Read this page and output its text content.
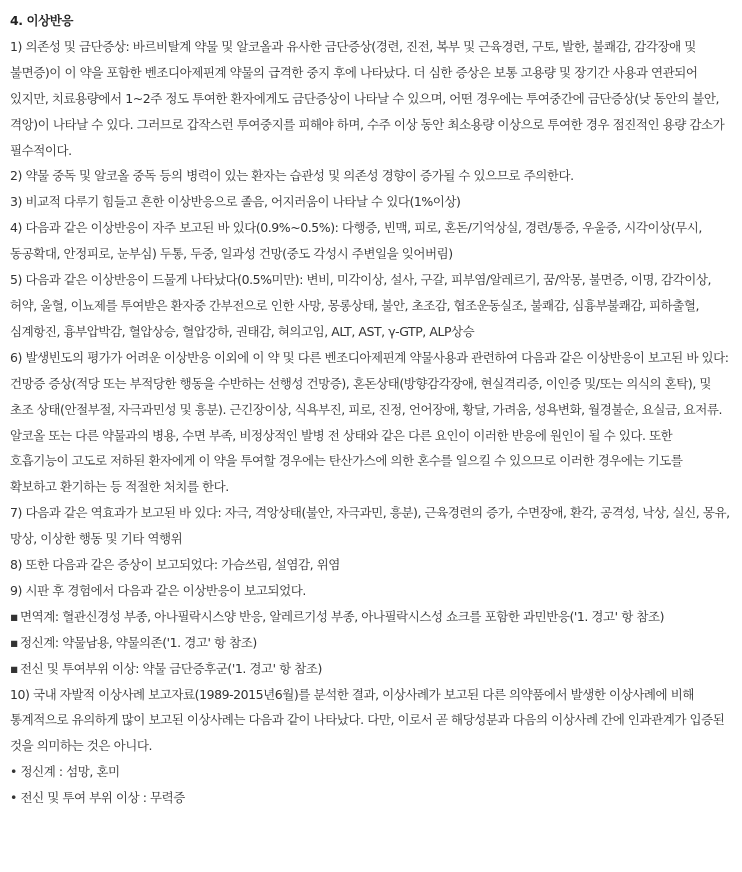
4. 이상반응
1) 의존성 및 금단증상: 바르비탈계 약물 및 알코올과 유사한 금단증상(경련, 진전, 복부 및 근육경련, 구토, 발한, 불쾌감, 감각장애 및 불면증)이 이 약을 포함한 벤조디아제핀계 약물의 급격한 중지 후에 나타났다. 더 심한 증상은 보통 고용량 및 장기간 사용과 연관되어 있지만, 치료용량에서 1~2주 정도 투여한 환자에게도 금단증상이 나타날 수 있으며, 어떤 경우에는 투여중간에 금단증상(낮 동안의 불안, 격앙)이 나타날 수 있다. 그러므로 갑작스런 투여중지를 피해야 하며, 수주 이상 동안 최소용량 이상으로 투여한 경우 점진적인 용량 감소가 필수적이다.
2) 약물 중독 및 알코올 중독 등의 병력이 있는 환자는 습관성 및 의존성 경향이 증가될 수 있으므로 주의한다.
3) 비교적 다루기 힘들고 흔한 이상반응으로 졸음, 어지러움이 나타날 수 있다(1%이상)
4) 다음과 같은 이상반응이 자주 보고된 바 있다(0.9%~0.5%): 다행증, 빈맥, 피로, 혼돈/기억상실, 경련/통증, 우울증, 시각이상(무시, 동공확대, 안정피로, 눈부심) 두통, 두중, 일과성 건망(중도 각성시 주변일을 잊어버림)
5) 다음과 같은 이상반응이 드물게 나타났다(0.5%미만): 변비, 미각이상, 설사, 구갈, 피부염/알레르기, 꿈/악몽, 불면증, 이명, 감각이상, 허약, 울혈, 이뇨제를 투여받은 환자중 간부전으로 인한 사망, 몽롱상태, 불안, 초조감, 협조운동실조, 불쾌감, 심흉부불쾌감, 피하출혈, 심계항진, 흉부압박감, 혈압상승, 혈압강하, 권태감, 혀의고임, ALT, AST, γ-GTP, ALP상승
6) 발생빈도의 평가가 어려운 이상반응 이외에 이 약 및 다른 벤조디아제핀계 약물사용과 관련하여 다음과 같은 이상반응이 보고된 바 있다: 건망증 증상(적당 또는 부적당한 행동을 수반하는 선행성 건망증), 혼돈상태(방향감각장애, 현실격리증, 이인증 및/또는 의식의 혼탁), 및 초조 상태(안절부절, 자극과민성 및 흥분). 근긴장이상, 식욕부진, 피로, 진정, 언어장애, 황달, 가려움, 성욕변화, 월경불순, 요실금, 요저류. 알코올 또는 다른 약물과의 병용, 수면 부족, 비정상적인 발병 전 상태와 같은 다른 요인이 이러한 반응에 원인이 될 수 있다. 또한 호흡기능이 고도로 저하된 환자에게 이 약을 투여할 경우에는 탄산가스에 의한 혼수를 일으킬 수 있으므로 이러한 경우에는 기도를 확보하고 환기하는 등 적절한 처치를 한다.
7) 다음과 같은 역효과가 보고된 바 있다: 자극, 격앙상태(불안, 자극과민, 흥분), 근육경련의 증가, 수면장애, 환각, 공격성, 낙상, 실신, 몽유, 망상, 이상한 행동 및 기타 역행위
8) 또한 다음과 같은 증상이 보고되었다: 가슴쓰림, 설염감, 위염
9) 시판 후 경험에서 다음과 같은 이상반응이 보고되었다.
▪ 면역계: 혈관신경성 부종, 아나필락시스양 반응, 알레르기성 부종, 아나필락시스성 쇼크를 포함한 과민반응('1. 경고' 항 참조)
▪ 정신계: 약물남용, 약물의존('1. 경고' 항 참조)
▪ 전신 및 투여부위 이상: 약물 금단증후군('1. 경고' 항 참조)
10) 국내 자발적 이상사례 보고자료(1989-2015년6월)를 분석한 결과, 이상사례가 보고된 다른 의약품에서 발생한 이상사례에 비해 통계적으로 유의하게 많이 보고된 이상사례는 다음과 같이 나타났다. 다만, 이로서 곧 해당성분과 다음의 이상사례 간에 인과관계가 입증된 것을 의미하는 것은 아니다.
• 정신계 : 섬망, 혼미
• 전신 및 투여 부위 이상 : 무력증
